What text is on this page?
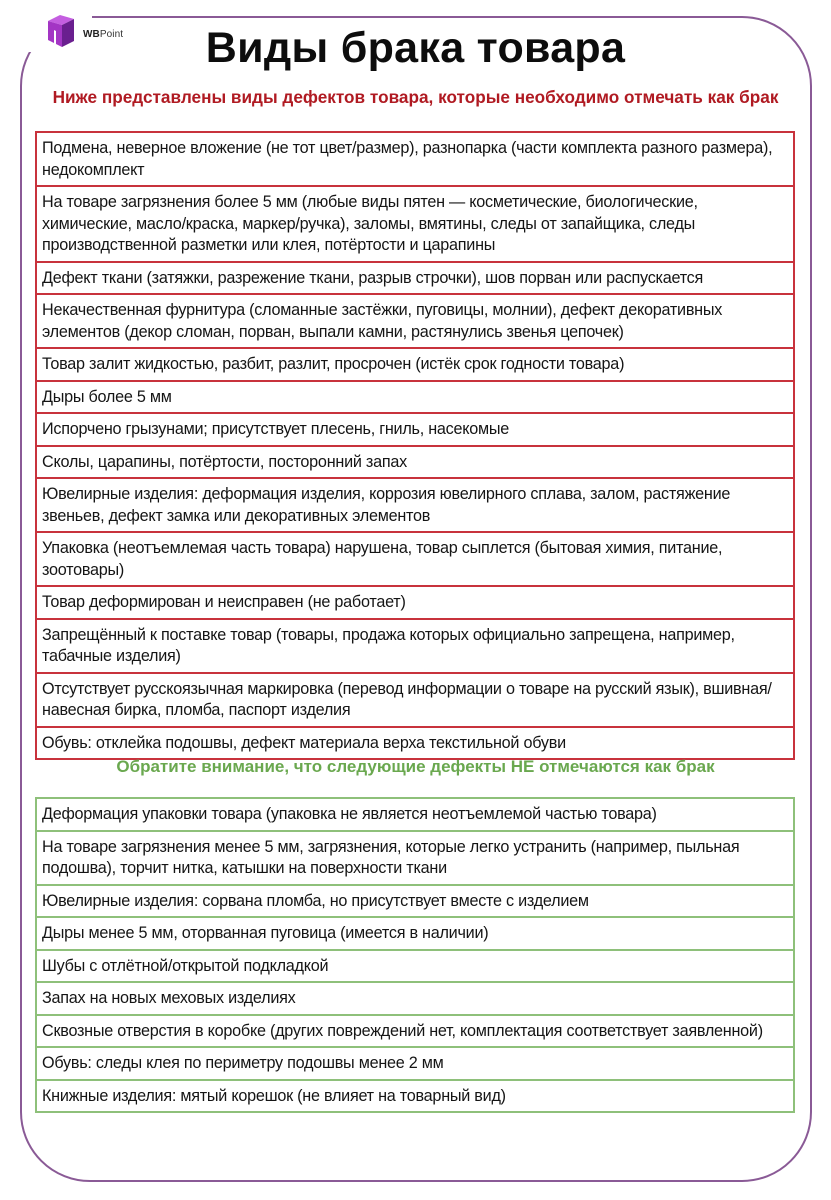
WBPoint	Виды брака товара
Ниже представлены виды дефектов товара, которые необходимо отмечать как брак
Подмена, неверное вложение (не тот цвет/размер), разнопарка (части комплекта разного размера), недокомплект
На товаре загрязнения более 5 мм (любые виды пятен — косметические, биологические, химические, масло/краска, маркер/ручка), заломы, вмятины, следы от запайщика, следы производственной разметки или клея, потёртости и царапины
Дефект ткани (затяжки, разрежение ткани, разрыв строчки), шов порван или распускается
Некачественная фурнитура (сломанные застёжки, пуговицы, молнии), дефект декоративных элементов (декор сломан, порван, выпали камни, растянулись звенья цепочек)
Товар залит жидкостью, разбит, разлит, просрочен (истёк срок годности товара)
Дыры более 5 мм
Испорчено грызунами; присутствует плесень, гниль, насекомые
Сколы, царапины, потёртости, посторонний запах
Ювелирные изделия: деформация изделия, коррозия ювелирного сплава, залом, растяжение звеньев, дефект замка или декоративных элементов
Упаковка (неотъемлемая часть товара) нарушена, товар сыплется (бытовая химия, питание, зоотовары)
Товар деформирован и неисправен (не работает)
Запрещённый к поставке товар (товары, продажа которых официально запрещена, например, табачные изделия)
Отсутствует русскоязычная маркировка (перевод информации о товаре на русский язык), вшивная/навесная бирка, пломба, паспорт изделия
Обувь: отклейка подошвы, дефект материала верха текстильной обуви
Обратите внимание, что следующие дефекты НЕ отмечаются как брак
Деформация упаковки товара (упаковка не является неотъемлемой частью товара)
На товаре загрязнения менее 5 мм, загрязнения, которые легко устранить (например, пыльная подошва), торчит нитка, катышки на поверхности ткани
Ювелирные изделия: сорвана пломба, но присутствует вместе с изделием
Дыры менее 5 мм, оторванная пуговица (имеется в наличии)
Шубы с отлётной/открытой подкладкой
Запах на новых меховых изделиях
Сквозные отверстия в коробке (других повреждений нет, комплектация соответствует заявленной)
Обувь: следы клея по периметру подошвы менее 2 мм
Книжные изделия: мятый корешок (не влияет на товарный вид)
